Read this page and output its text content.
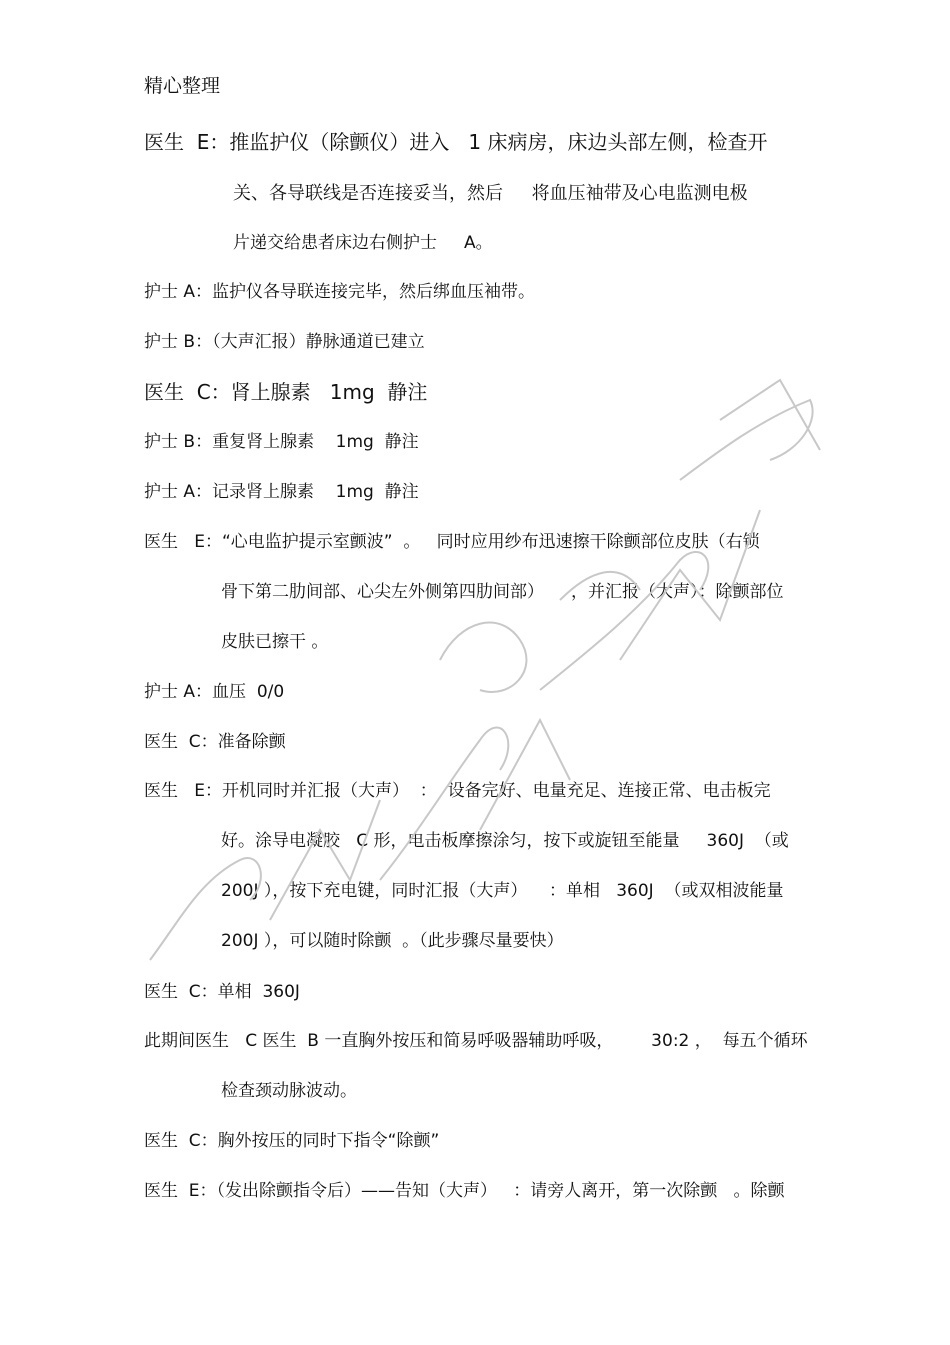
精心整理

医生  E：推监护仪（除颤仪）进入   1 床病房，床边头部左侧，检查开

关、各导联线是否连接妥当，然后     将血压袖带及心电监测电极

片递交给患者床边右侧护士     A。

护士 A：监护仪各导联连接完毕，然后绑血压袖带。

护士 B：（大声汇报）静脉通道已建立

医生  C：肾上腺素   1mg  静注

护士 B：重复肾上腺素    1mg  静注

护士 A：记录肾上腺素    1mg  静注

医生   E：“心电监护提示室颤波”  。   同时应用纱布迅速擦干除颤部位皮肤（右锁

骨下第二肋间部、心尖左外侧第四肋间部）     ，并汇报（大声）：除颤部位

皮肤已擦干 。

护士 A：血压  0/0

医生  C：准备除颤

医生   E：开机同时并汇报（大声）  ：  设备完好、电量充足、连接正常、电击板完

好。涂导电凝胶   C 形，电击板摩擦涂匀，按下或旋钮至能量     360J  （或

200J ），按下充电键，同时汇报（大声）    ：单相   360J  （或双相波能量

200J ），可以随时除颤  。（此步骤尽量要快）

医生  C：单相  360J

此期间医生   C 医生  B 一直胸外按压和简易呼吸器辅助呼吸，       30:2 ，  每五个循环

检查颈动脉波动。

医生  C：胸外按压的同时下指令“除颤”

医生  E：（发出除颤指令后）——告知（大声）   ：请旁人离开，第一次除颤   。除颤
